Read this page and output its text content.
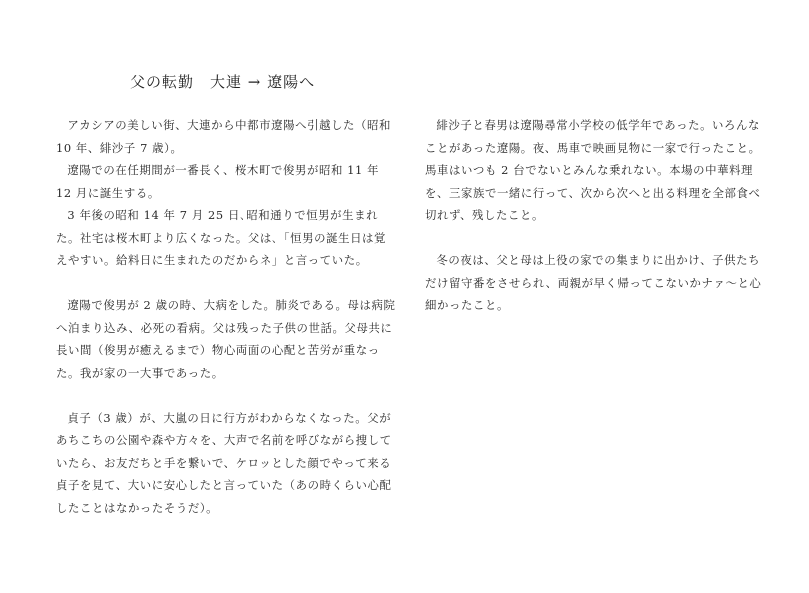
父の転勤　大連 → 遼陽へ

アカシアの美しい街、大連から中都市遼陽へ引越した（昭和 10 年、緋沙子 7 歳）。

遼陽での在任期間が一番長く、桜木町で俊男が昭和 11 年 12 月に誕生する。

3 年後の昭和 14 年 7 月 25 日､昭和通りで恒男が生まれた。社宅は桜木町より広くなった。父は､「恒男の誕生日は覚えやすい。給料日に生まれたのだからネ」と言っていた。

遼陽で俊男が 2 歳の時、大病をした。肺炎である。母は病院へ泊まり込み、必死の看病。父は残った子供の世話。父母共に長い間（俊男が癒えるまで）物心両面の心配と苦労が重なった。我が家の一大事であった。

貞子（3 歳）が、大嵐の日に行方がわからなくなった。父があちこちの公園や森や方々を、大声で名前を呼びながら捜していたら、お友だちと手を繋いで、ケロッとした顔でやって来る貞子を見て、大いに安心したと言っていた（あの時くらい心配したことはなかったそうだ）。

緋沙子と春男は遼陽尋常小学校の低学年であった。いろんなことがあった遼陽。夜、馬車で映画見物に一家で行ったこと。馬車はいつも 2 台でないとみんな乗れない。本場の中華料理を、三家族で一緒に行って、次から次へと出る料理を全部食べ切れず、残したこと。

冬の夜は、父と母は上役の家での集まりに出かけ、子供たちだけ留守番をさせられ、両親が早く帰ってこないかナァ〜と心細かったこと。
